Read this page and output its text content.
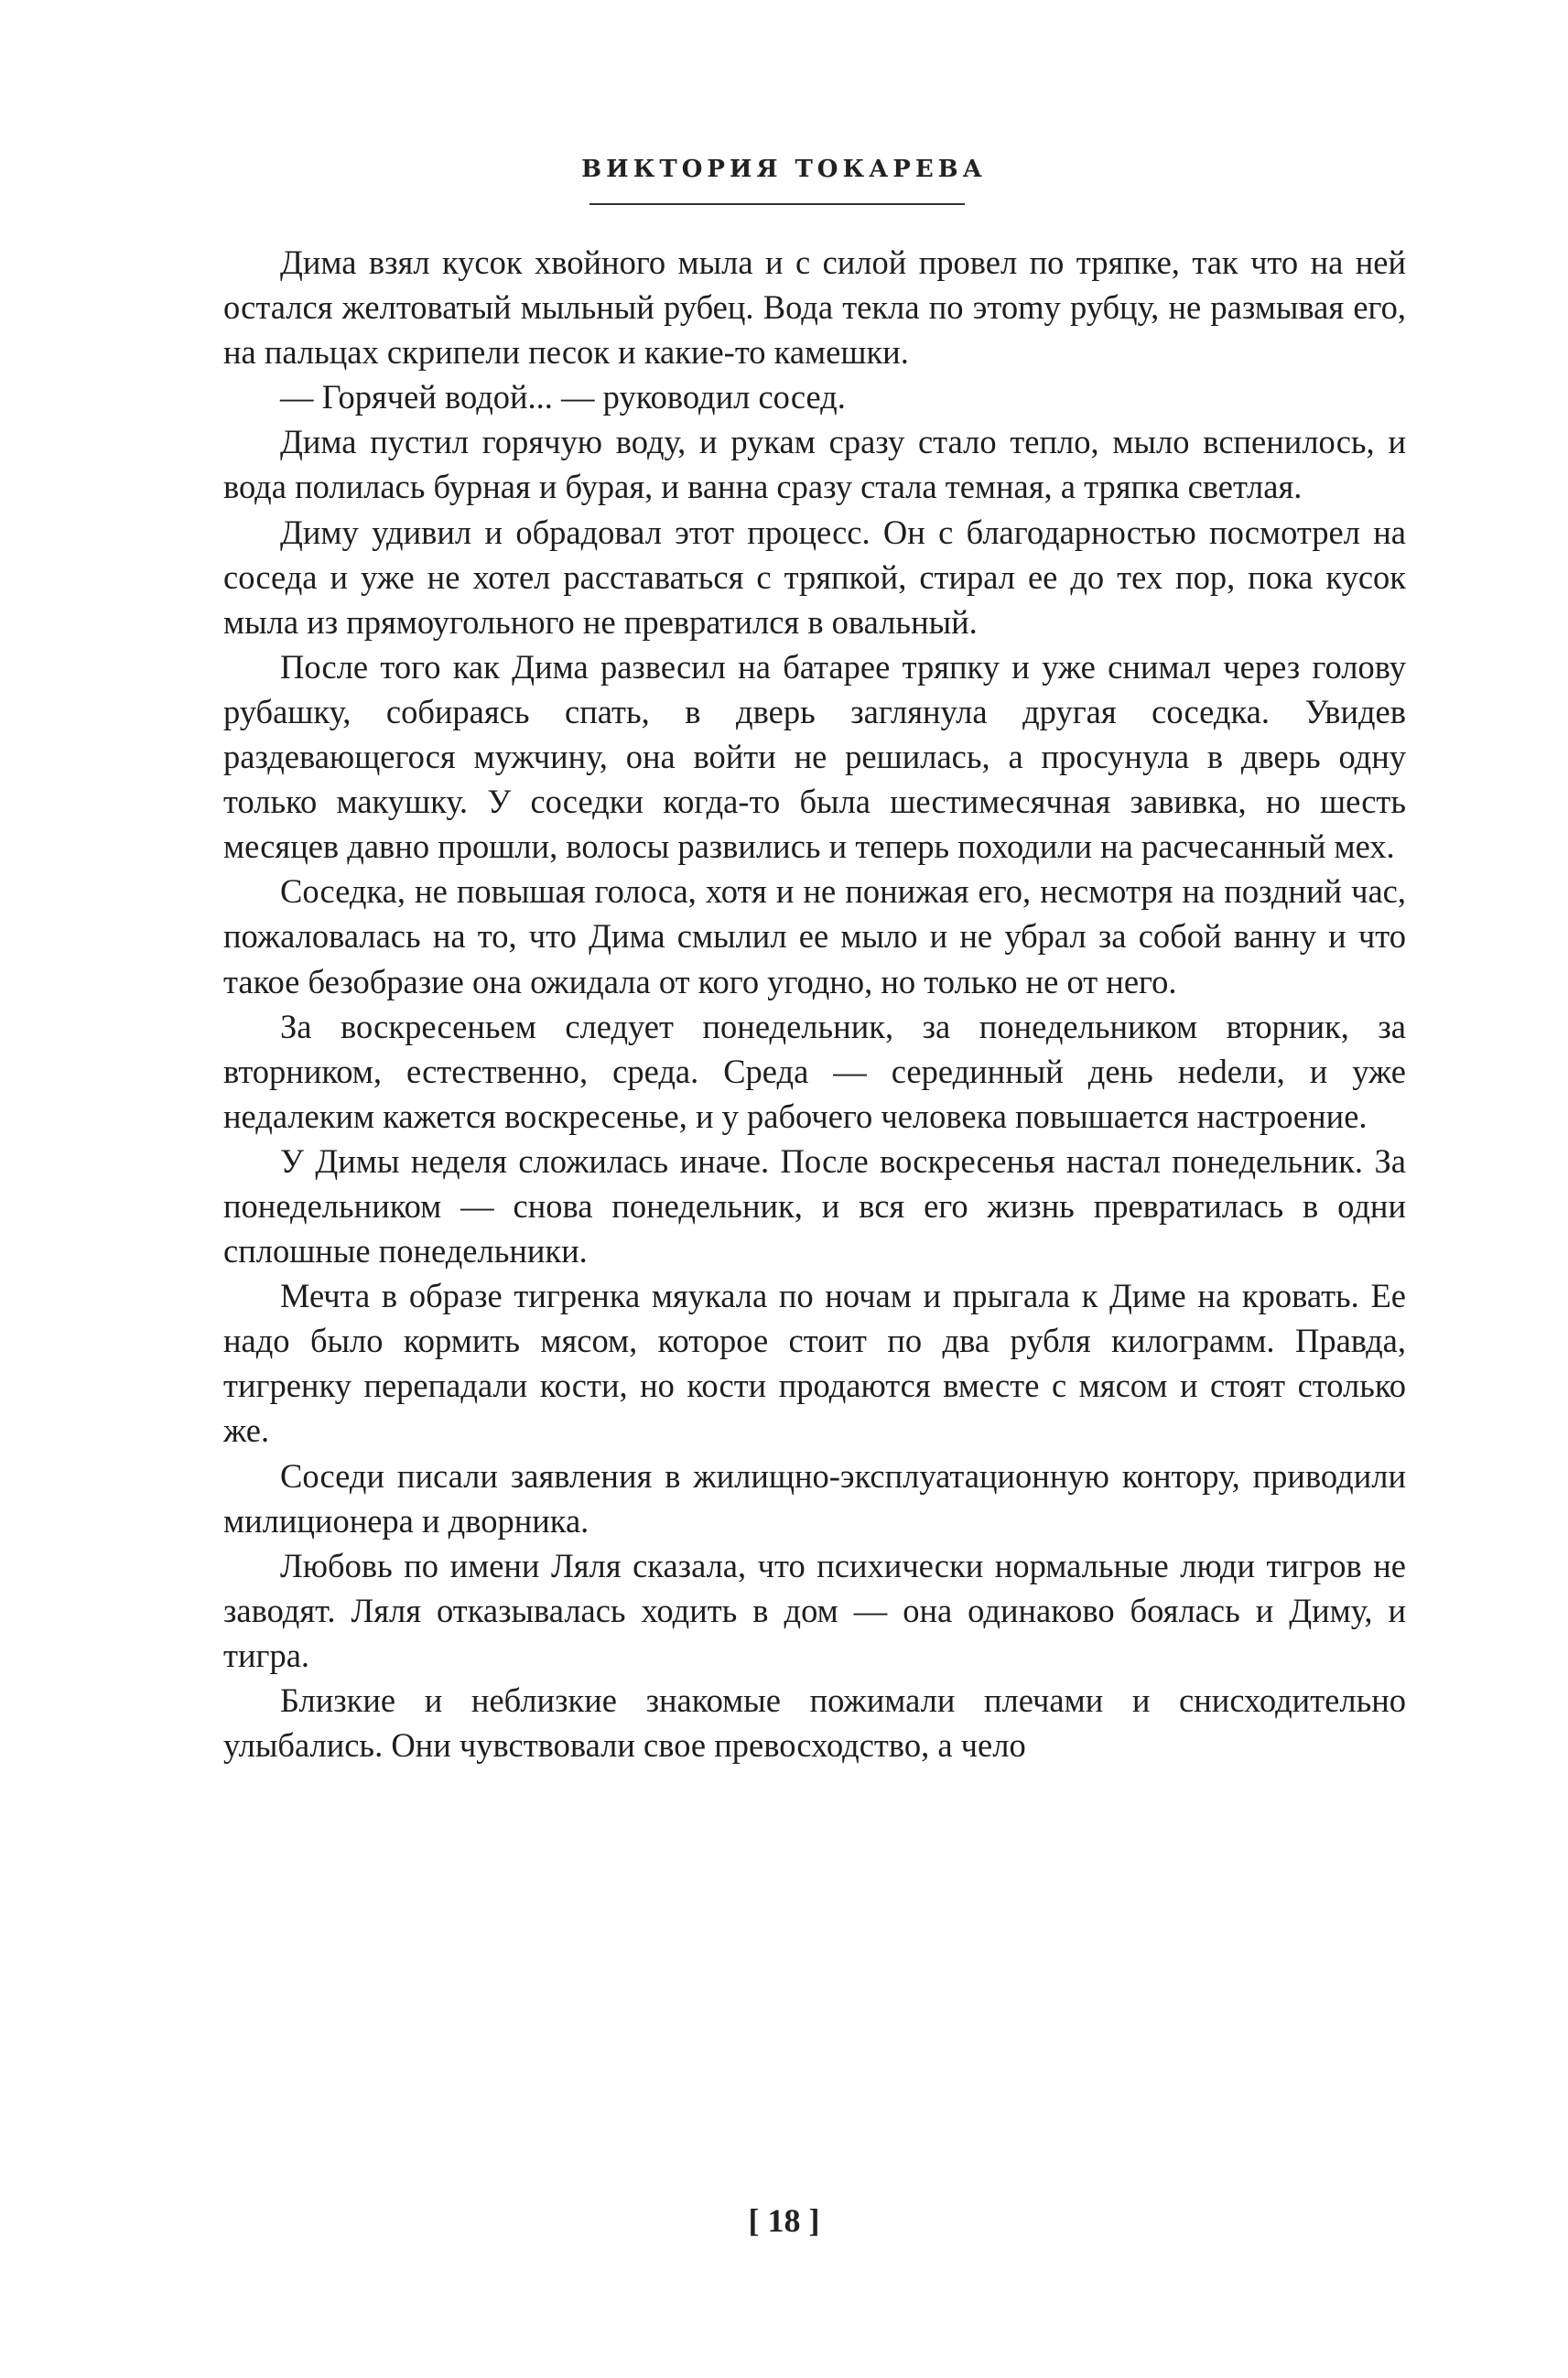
ВИКТОРИЯ ТОКАРЕВА

Дима взял кусок хвойного мыла и с силой провел по тряпке, так что на ней остался желтоватый мыльный рубец. Вода текла по этоmу рубцу, не размывая его, на пальцах скрипели песок и какие-то камешки.

— Горячей водой... — руководил сосед.

Дима пустил горячую воду, и рукам сразу стало тепло, мыло вспенилось, и вода полилась бурная и бурая, и ванна сразу стала темная, а тряпка светлая.

Диму удивил и обрадовал этот процесс. Он с благодарностью посмотрел на соседа и уже не хотел расставаться с тряпкой, стирал ее до тех пор, пока кусок мыла из прямоугольного не превратился в овальный.

После того как Дима развесил на батарее тряпку и уже снимал через голову рубашку, собираясь спать, в дверь заглянула другая соседка. Увидев раздевающегося мужчину, она войти не решилась, а просунула в дверь одну только макушку. У соседки когда-то была шестимесячная завивка, но шесть месяцев давно прошли, волосы развились и теперь походили на расчесанный мех.

Соседка, не повышая голоса, хотя и не понижая его, несмотря на поздний час, пожаловалась на то, что Дима смылил ее мыло и не убрал за собой ванну и что такое безобразие она ожидала от кого угодно, но только не от него.

За воскресеньем следует понедельник, за понедельником вторник, за вторником, естественно, среда. Среда — серединный день неdели, и уже недалеким кажется воскресенье, и у рабочего человека повышается настроение.

У Димы неделя сложилась иначе. После воскресенья настал понедельник. За понедельником — снова понедельник, и вся его жизнь превратилась в одни сплошные понедельники.

Мечта в образе тигренка мяукала по ночам и прыгала к Диме на кровать. Ее надо было кормить мясом, которое стоит по два рубля килограмм. Правда, тигренку перепадали кости, но кости продаются вместе с мясом и стоят столько же.

Соседи писали заявления в жилищно-эксплуатационную контору, приводили милиционера и дворника.

Любовь по имени Ляля сказала, что психически нормальные люди тигров не заводят. Ляля отказывалась ходить в дом — она одинаково боялась и Диму, и тигра.

Близкие и неблизкие знакомые пожимали плечами и снисходительно улыбались. Они чувствовали свое превосходство, а чело

[ 18 ]
